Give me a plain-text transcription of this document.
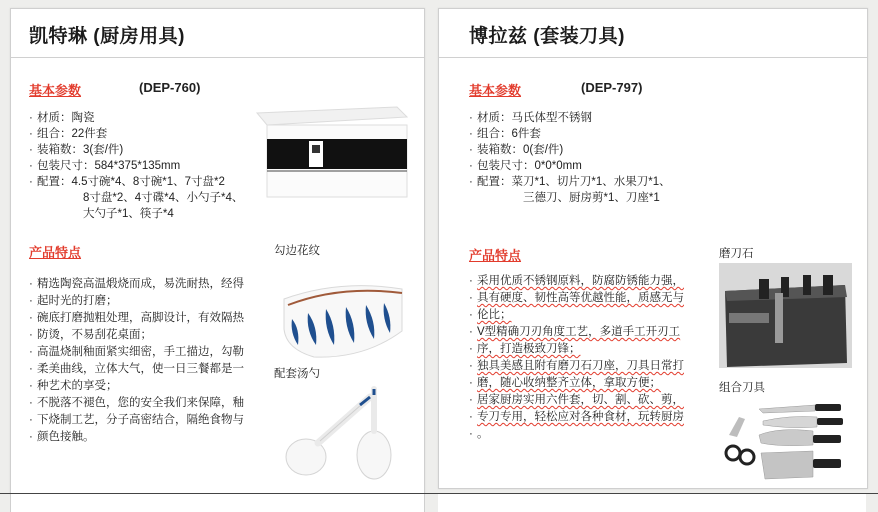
凯特琳 (厨房用具)
基本参数	(DEP-760)
· 材质：陶瓷
· 组合：22件套
· 装箱数：3(套/件)
· 包装尺寸：584*375*135mm
· 配置：4.5寸碗*4、8寸碗*1、7寸盘*2
8寸盘*2、4寸碟*4、小勺子*4、
大勺子*1、筷子*4
产品特点
· 精选陶瓷高温煅烧而成，易洗耐热，经得
· 起时光的打磨；
· 碗底打磨抛粗处理，高脚设计，有效隔热
· 防烫，不易刮花桌面；
· 高温烧制釉面紧实细密，手工描边，勾勒
· 柔美曲线，立体大气，使一日三餐都是一
· 种艺术的享受；
· 不脱落不褪色，您的安全我们来保障，釉
· 下烧制工艺，分子高密结合，隔绝食物与
· 颜色接触。
勾边花纹
配套汤勺
博拉兹 (套装刀具)
基本参数	(DEP-797)
· 材质：马氏体型不锈钢
· 组合：6件套
· 装箱数：0(套/件)
· 包装尺寸：0*0*0mm
· 配置：菜刀*1、切片刀*1、水果刀*1、
三德刀、厨房剪*1、刀座*1
产品特点
· 采用优质不锈钢原料，防腐防锈能力强，
· 具有硬度、韧性高等优越性能，质感无与
· 伦比；
· V型精确刀刃角度工艺，多道手工开刃工
· 序，打造极致刀锋；
· 独具美感且附有磨刀石刀座，刀具日常打
· 磨，随心收纳整齐立体，拿取方便；
· 居家厨房实用六件套，切、割、砍、剪，
· 专刀专用，轻松应对各种食材，玩转厨房
· 。
磨刀石
组合刀具
